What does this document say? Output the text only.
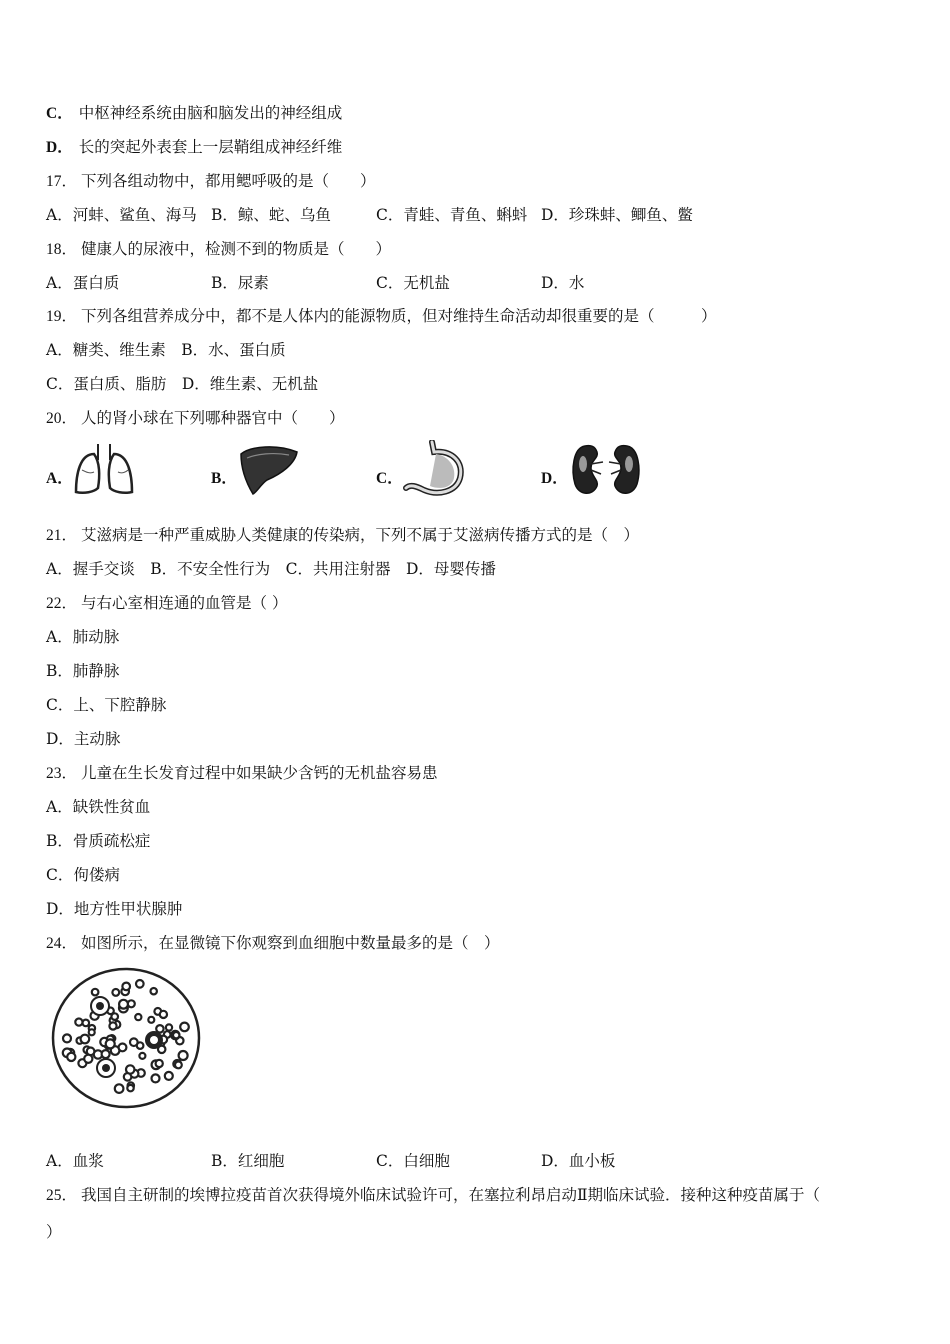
C． 中枢神经系统由脑和脑发出的神经组成
D． 长的突起外表套上一层鞘组成神经纤维
17． 下列各组动物中，都用鳃呼吸的是（　　）
A．河蚌、鲨鱼、海马 B．鲸、蛇、乌鱼	C．青蛙、青鱼、蝌蚪 D．珍珠蚌、鲫鱼、鳖
18． 健康人的尿液中，检测不到的物质是（　　）
A．蛋白质	B．尿素	C．无机盐	D．水
19． 下列各组营养成分中，都不是人体内的能源物质，但对维持生命活动却很重要的是（　　　）
A．糖类、维生素　B．水、蛋白质
C．蛋白质、脂肪　D．维生素、无机盐
20． 人的肾小球在下列哪种器官中（　　）
A．	B．	C．	D．
21． 艾滋病是一种严重威胁人类健康的传染病，下列不属于艾滋病传播方式的是（　）
A．握手交谈　B．不安全性行为　C．共用注射器　D．母婴传播
22． 与右心室相连通的血管是（ ）
A．肺动脉
B．肺静脉
C．上、下腔静脉
D．主动脉
23． 儿童在生长发育过程中如果缺少含钙的无机盐容易患
A．缺铁性贫血
B．骨质疏松症
C．佝偻病
D．地方性甲状腺肿
24． 如图所示，在显微镜下你观察到血细胞中数量最多的是（　）
A．血浆	B．红细胞	C．白细胞	D．血小板
25． 我国自主研制的埃博拉疫苗首次获得境外临床试验许可，在塞拉利昂启动Ⅱ期临床试验．接种这种疫苗属于（
）
